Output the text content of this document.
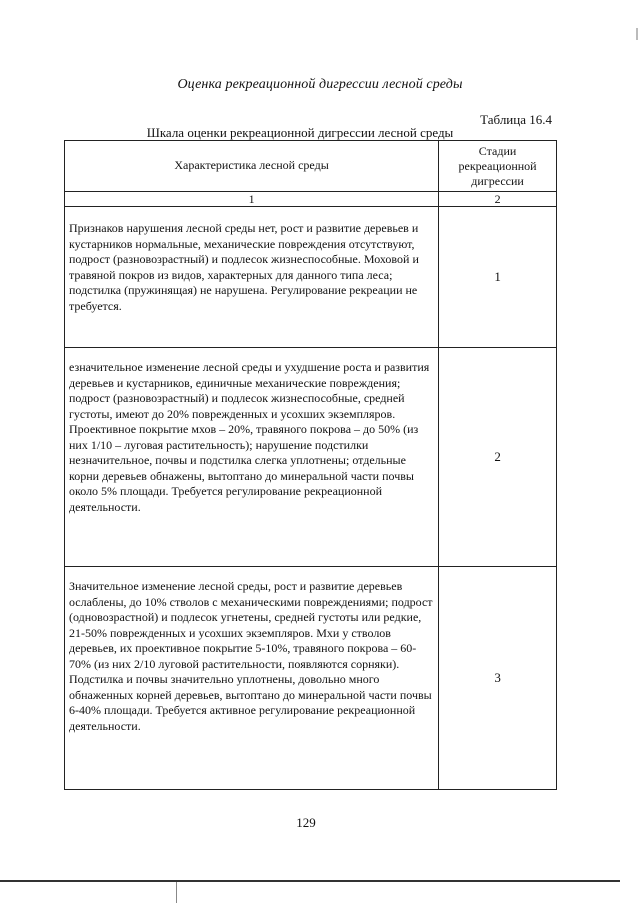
Оценка рекреационной дигрессии лесной среды
Таблица 16.4
Шкала оценки рекреационной дигрессии лесной среды
Характеристика лесной среды	Стадии рекреационной дигрессии
1	2
Признаков нарушения лесной среды нет, рост и развитие деревьев и кустарников нормальные, механические повреждения отсутствуют, подрост (разновозрастный) и подлесок жизнеспособные. Моховой и травяной покров из видов, характерных для данного типа леса; подстилка (пружинящая) не нарушена. Регулирование рекреации не требуется.	1
езначительное изменение лесной среды и ухудшение роста и развития деревьев и кустарников, единичные механические повреждения; подрост (разновозрастный) и подлесок жизнеспособные, средней густоты, имеют до 20% поврежденных и усохших экземпляров. Проективное покрытие мхов – 20%, травяного покрова – до 50% (из них 1/10 – луговая растительность); нарушение подстилки незначительное, почвы и подстилка слегка уплотнены; отдельные корни деревьев обнажены, вытоптано до минеральной части почвы около 5% площади. Требуется регулирование рекреационной деятельности.	2
Значительное изменение лесной среды, рост и развитие деревьев ослаблены, до 10% стволов с механическими повреждениями; подрост (одновозрастной) и подлесок угнетены, средней густоты или редкие, 21-50% поврежденных и усохших экземпляров. Мхи у стволов деревьев, их проективное покрытие 5-10%, травяного покрова – 60-70% (из них 2/10 луговой растительности, появляются сорняки). Подстилка и почвы значительно уплотнены, довольно много обнаженных корней деревьев, вытоптано до минеральной части почвы 6-40% площади. Требуется активное регулирование рекреационной деятельности.	3
129
